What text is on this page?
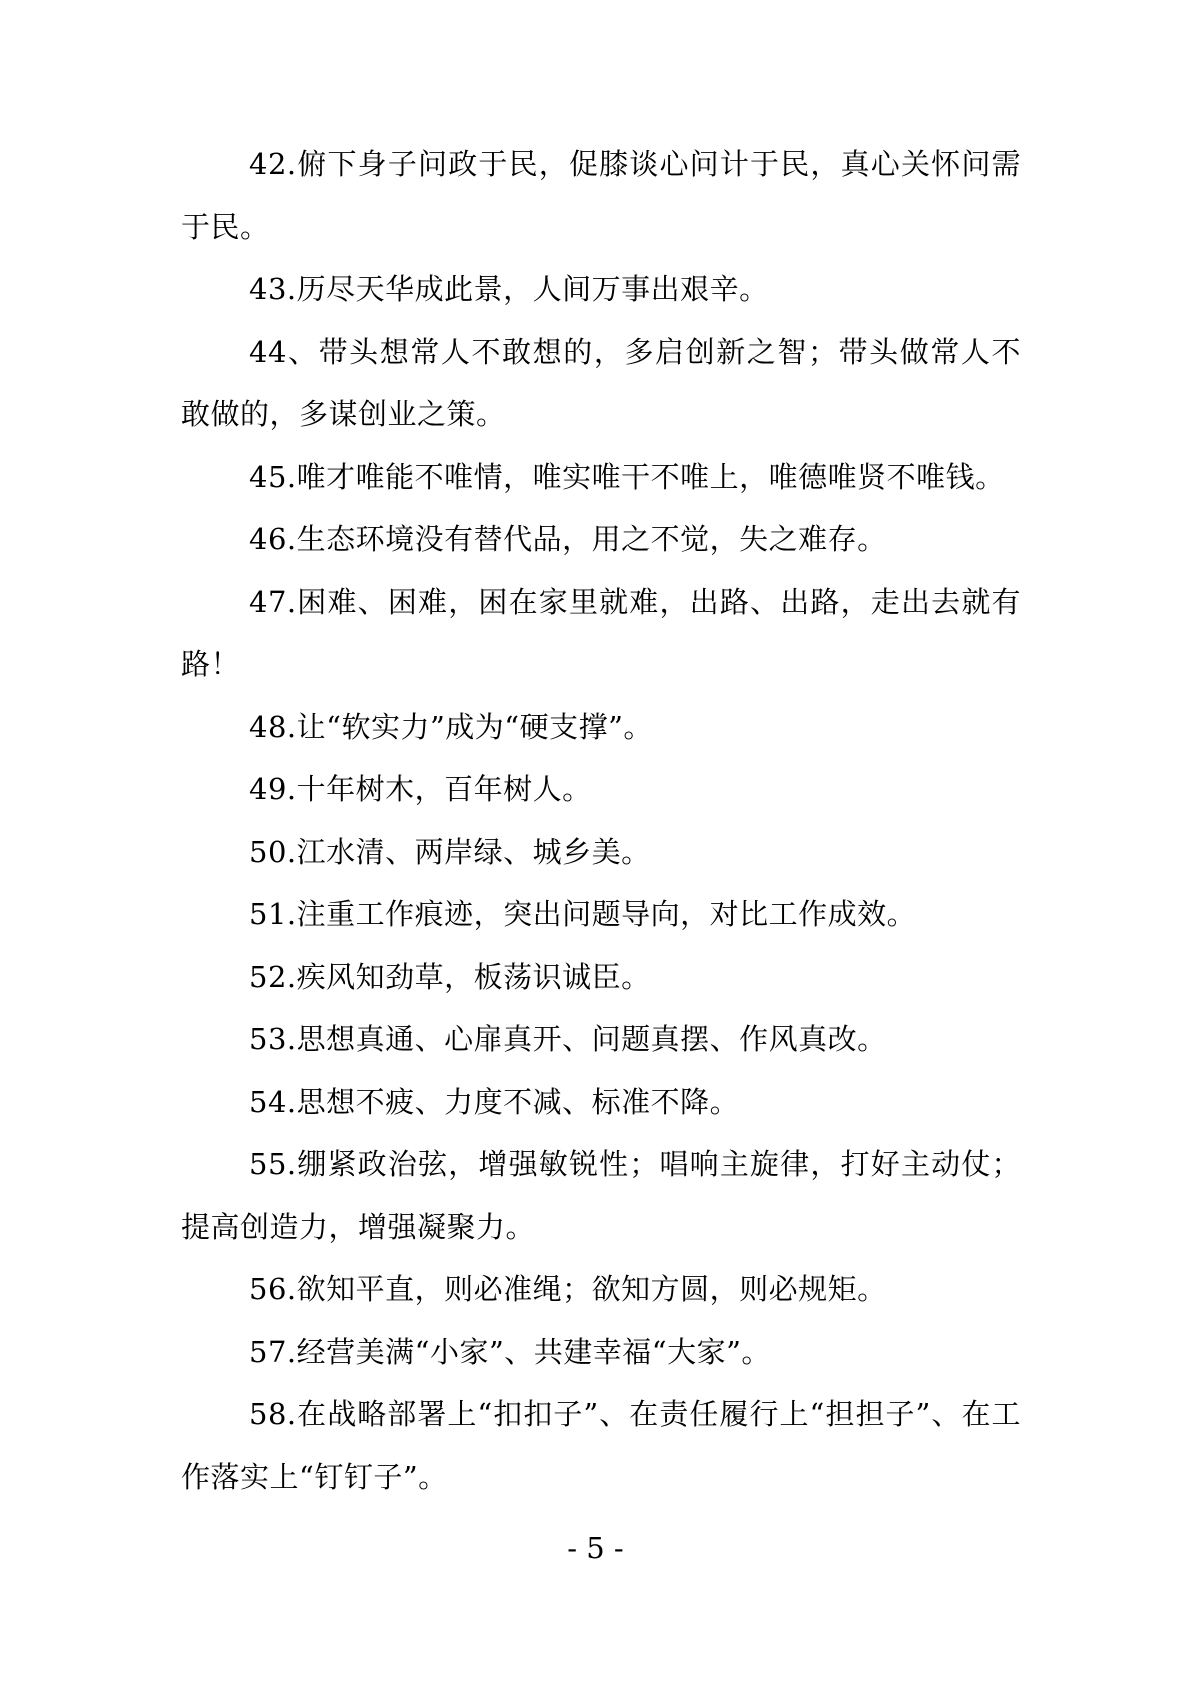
42.俯下身子问政于民，促膝谈心问计于民，真心关怀问需于民。

43.历尽天华成此景，人间万事出艰辛。

44、带头想常人不敢想的，多启创新之智；带头做常人不敢做的，多谋创业之策。

45.唯才唯能不唯情，唯实唯干不唯上，唯德唯贤不唯钱。

46.生态环境没有替代品，用之不觉，失之难存。

47.困难、困难，困在家里就难，出路、出路，走出去就有路！

48.让“软实力”成为“硬支撑”。

49.十年树木，百年树人。

50.江水清、两岸绿、城乡美。

51.注重工作痕迹，突出问题导向，对比工作成效。

52.疾风知劲草，板荡识诚臣。

53.思想真通、心扉真开、问题真摆、作风真改。

54.思想不疲、力度不减、标准不降。

55.绷紧政治弦，增强敏锐性；唱响主旋律，打好主动仗；提高创造力，增强凝聚力。

56.欲知平直，则必准绳；欲知方圆，则必规矩。

57.经营美满“小家”、共建幸福“大家”。

58.在战略部署上“扣扣子”、在责任履行上“担担子”、在工作落实上“钉钉子”。

- 5 -
